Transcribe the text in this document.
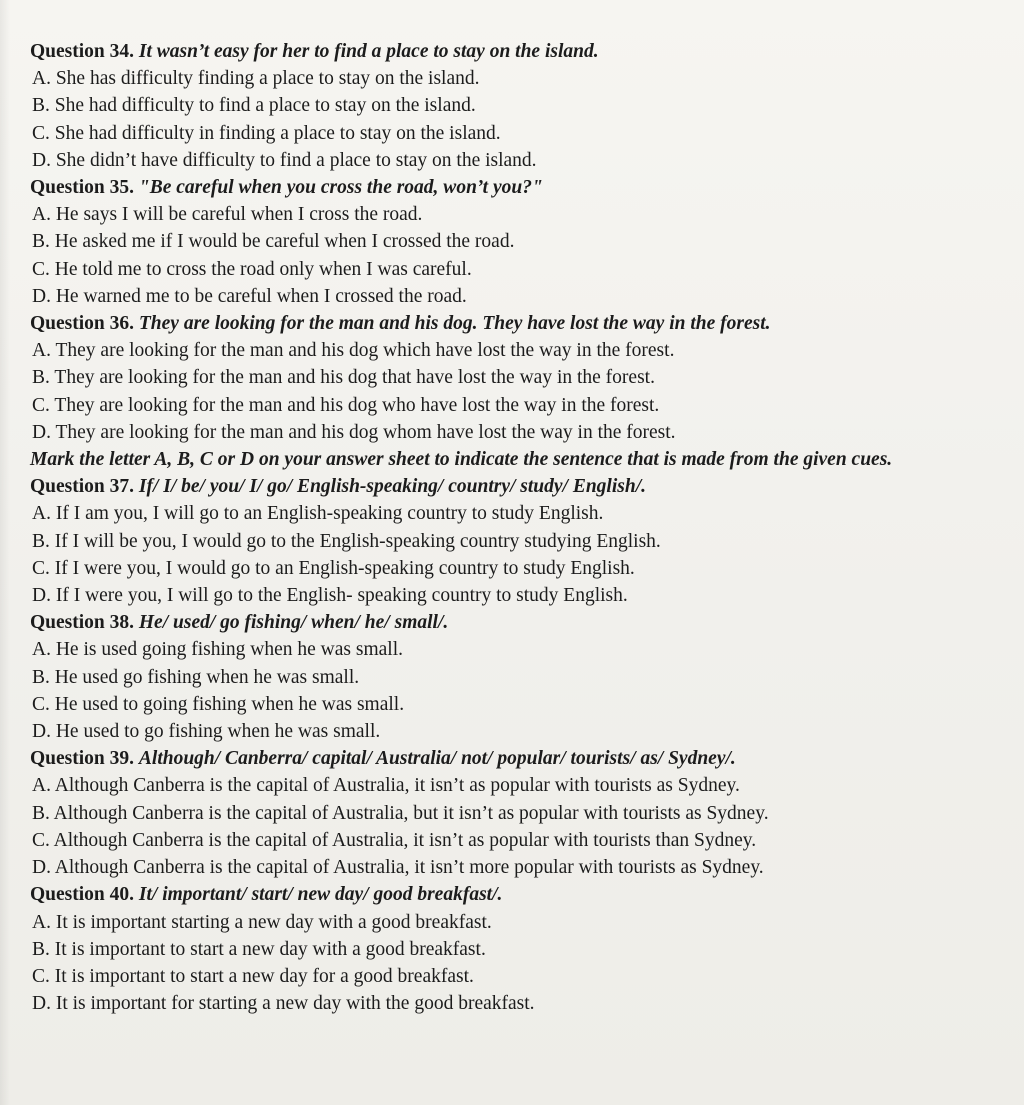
Question 34. It wasn’t easy for her to find a place to stay on the island.
A. She has difficulty finding a place to stay on the island.
B. She had difficulty to find a place to stay on the island.
C. She had difficulty in finding a place to stay on the island.
D. She didn’t have difficulty to find a place to stay on the island.
Question 35. "Be careful when you cross the road, won’t you?"
A. He says I will be careful when I cross the road.
B. He asked me if I would be careful when I crossed the road.
C. He told me to cross the road only when I was careful.
D. He warned me to be careful when I crossed the road.
Question 36. They are looking for the man and his dog. They have lost the way in the forest.
A. They are looking for the man and his dog which have lost the way in the forest.
B. They are looking for the man and his dog that have lost the way in the forest.
C. They are looking for the man and his dog who have lost the way in the forest.
D. They are looking for the man and his dog whom have lost the way in the forest.
Mark the letter A, B, C or D on your answer sheet to indicate the sentence that is made from the given cues.
Question 37. If/ I/ be/ you/ I/ go/ English-speaking/ country/ study/ English/.
A. If I am you, I will go to an English-speaking country to study English.
B. If I will be you, I would go to the English-speaking country studying English.
C. If I were you, I would go to an English-speaking country to study English.
D. If I were you, I will go to the English- speaking country to study English.
Question 38. He/ used/ go fishing/ when/ he/ small/.
A. He is used going fishing when he was small.
B. He used go fishing when he was small.
C. He used to going fishing when he was small.
D. He used to go fishing when he was small.
Question 39. Although/ Canberra/ capital/ Australia/ not/ popular/ tourists/ as/ Sydney/.
A. Although Canberra is the capital of Australia, it isn’t as popular with tourists as Sydney.
B. Although Canberra is the capital of Australia, but it isn’t as popular with tourists as Sydney.
C. Although Canberra is the capital of Australia, it isn’t as popular with tourists than Sydney.
D. Although Canberra is the capital of Australia, it isn’t more popular with tourists as Sydney.
Question 40. It/ important/ start/ new day/ good breakfast/.
A. It is important starting a new day with a good breakfast.
B. It is important to start a new day with a good breakfast.
C. It is important to start a new day for a good breakfast.
D. It is important for starting a new day with the good breakfast.
